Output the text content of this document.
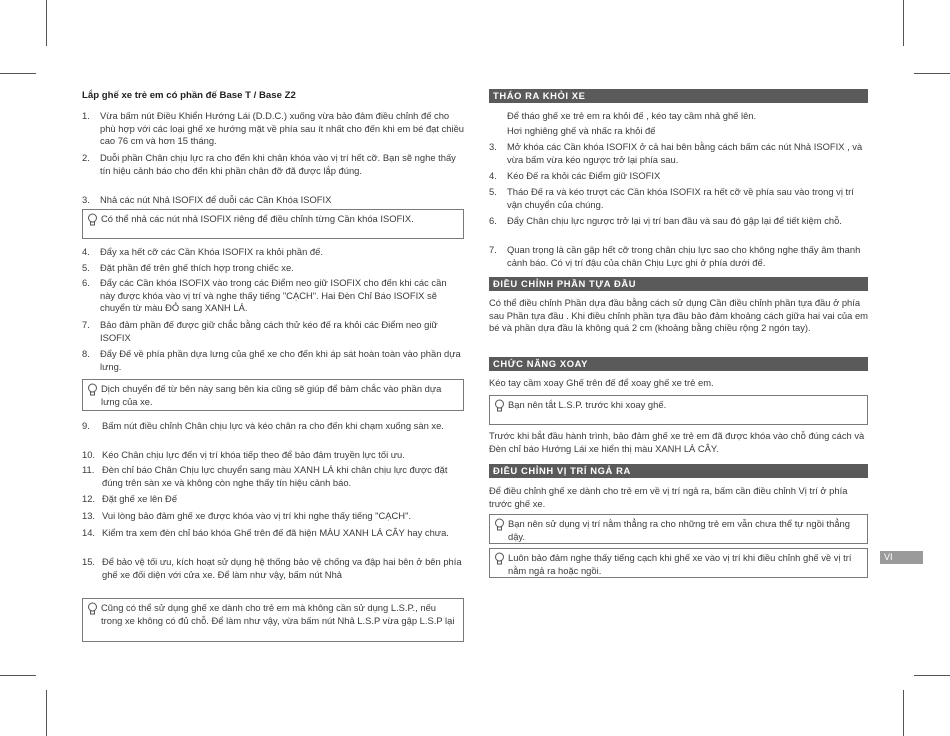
Lắp ghế xe trẻ em có phần đế Base T / Base Z2
1. Vừa bấm nút Điều Khiển Hướng Lái (D.D.C.) xuống vừa bảo đảm điều chỉnh đế cho phù hợp với các loại ghế xe hướng mặt về phía sau ít nhất cho đến khi em bé đạt chiều cao 76 cm và hơn 15 tháng.
2. Duỗi phần Chân chịu lực ra cho đến khi chân khóa vào vị trí hết cỡ. Bạn sẽ nghe thấy tín hiệu cảnh báo cho đến khi phần chân đỡ đã được lắp đúng.
3. Nhả các nút Nhả ISOFIX để duỗi các Cần Khóa ISOFIX
Có thể nhả các nút nhả ISOFIX riêng để điều chỉnh từng Cần khóa ISOFIX.
4. Đẩy xa hết cỡ các Cần Khóa ISOFIX ra khỏi phần đế.
5. Đặt phần đế trên ghế thích hợp trong chiếc xe.
6. Đẩy các Cần khóa ISOFIX vào trong các Điểm neo giữ ISOFIX cho đến khi các cần này được khóa vào vị trí và nghe thấy tiếng "CẠCH". Hai Đèn Chỉ Báo ISOFIX sẽ chuyển từ màu ĐỎ sang XANH LÁ.
7. Bảo đảm phần đế được giữ chắc bằng cách thử kéo đế ra khỏi các Điểm neo giữ ISOFIX
8. Đẩy Đế về phía phần dựa lưng của ghế xe cho đến khi áp sát hoàn toàn vào phần dựa lưng.
Dịch chuyển đế từ bên này sang bên kia cũng sẽ giúp để bảm chắc vào phần dựa lưng của xe.
9. Bấm nút điều chỉnh Chân chịu lực và kéo chân ra cho đến khi chạm xuống sàn xe.
10. Kéo Chân chịu lực đến vị trí khóa tiếp theo để bảo đảm truyền lực tối ưu.
11. Đèn chỉ báo Chân Chịu lực chuyển sang màu XANH LÁ khi chân chịu lực được đặt đúng trên sàn xe và không còn nghe thấy tín hiệu cảnh báo.
12. Đặt ghế xe lên Đế
13. Vui lòng bảo đảm ghế xe được khóa vào vị trí khi nghe thấy tiếng "CẠCH".
14. Kiểm tra xem đèn chỉ báo khóa Ghế trên đế đã hiện MÀU XANH LÁ CÂY hay chưa.
15. Để bảo vệ tối ưu, kích hoạt sử dụng hệ thống bảo vệ chống va đập hai bên ở bên phía ghế xe đối diện với cửa xe. Để làm như vậy, bấm nút Nhả
Cũng có thể sử dụng ghế xe dành cho trẻ em mà không cần sử dụng L.S.P., nếu trong xe không có đủ chỗ. Để làm như vậy, vừa bấm nút Nhả L.S.P vừa gập L.S.P lại
THÁO RA KHỎI XE
Để tháo ghế xe trẻ em ra khỏi đế , kéo tay cầm nhả ghế lên.
Hơi nghiêng ghế và nhấc ra khỏi đế
3. Mở khóa các Cần khóa ISOFIX ở cả hai bên bằng cách bấm các nút Nhả ISOFIX , và vừa bấm vừa kéo ngược trở lại phía sau.
4. Kéo Đế ra khỏi các Điểm giữ ISOFIX
5. Tháo Đế ra và kéo trượt các Cần khóa ISOFIX ra hết cỡ về phía sau vào trong vị trí vận chuyển của chúng.
6. Đẩy Chân chịu lực ngược trở lại vị trí ban đầu và sau đó gập lại để tiết kiệm chỗ.
7. Quan trọng là cần gập hết cỡ trong chân chịu lực sao cho không nghe thấy âm thanh cảnh báo. Có vị trí đậu của chân Chịu Lực ghi ở phía dưới đế.
ĐIỀU CHỈNH PHẦN TỰA ĐẦU
Có thể điều chỉnh Phần dựa đầu bằng cách sử dụng Cần điều chỉnh phần tựa đầu ở phía sau Phần tựa đầu . Khi điều chỉnh phần tựa đầu bảo đảm khoảng cách giữa hai vai của em bé và phần dựa đầu là không quá 2 cm (khoảng bằng chiều rộng 2 ngón tay).
CHỨC NĂNG XOAY
Kéo tay cầm xoay Ghế trên đế để xoay ghế xe trẻ em.
Bạn nên tắt L.S.P. trước khi xoay ghế.
Trước khi bắt đầu hành trình, bảo đảm ghế xe trẻ em đã được khóa vào chỗ đúng cách và Đèn chỉ báo Hướng Lái xe hiển thị màu XANH LÁ CÂY.
ĐIỀU CHỈNH VỊ TRÍ NGẢ RA
Để điều chỉnh ghế xe dành cho trẻ em về vị trí ngả ra, bấm cần điều chỉnh Vị trí ở phía trước ghế xe.
Bạn nên sử dụng vị trí nằm thẳng ra cho những trẻ em vẫn chưa thể tự ngồi thẳng dậy.
Luôn bảo đảm nghe thấy tiếng cạch khi ghế xe vào vị trí khi điều chỉnh ghế về vị trí nằm ngả ra hoặc ngồi.
VI
